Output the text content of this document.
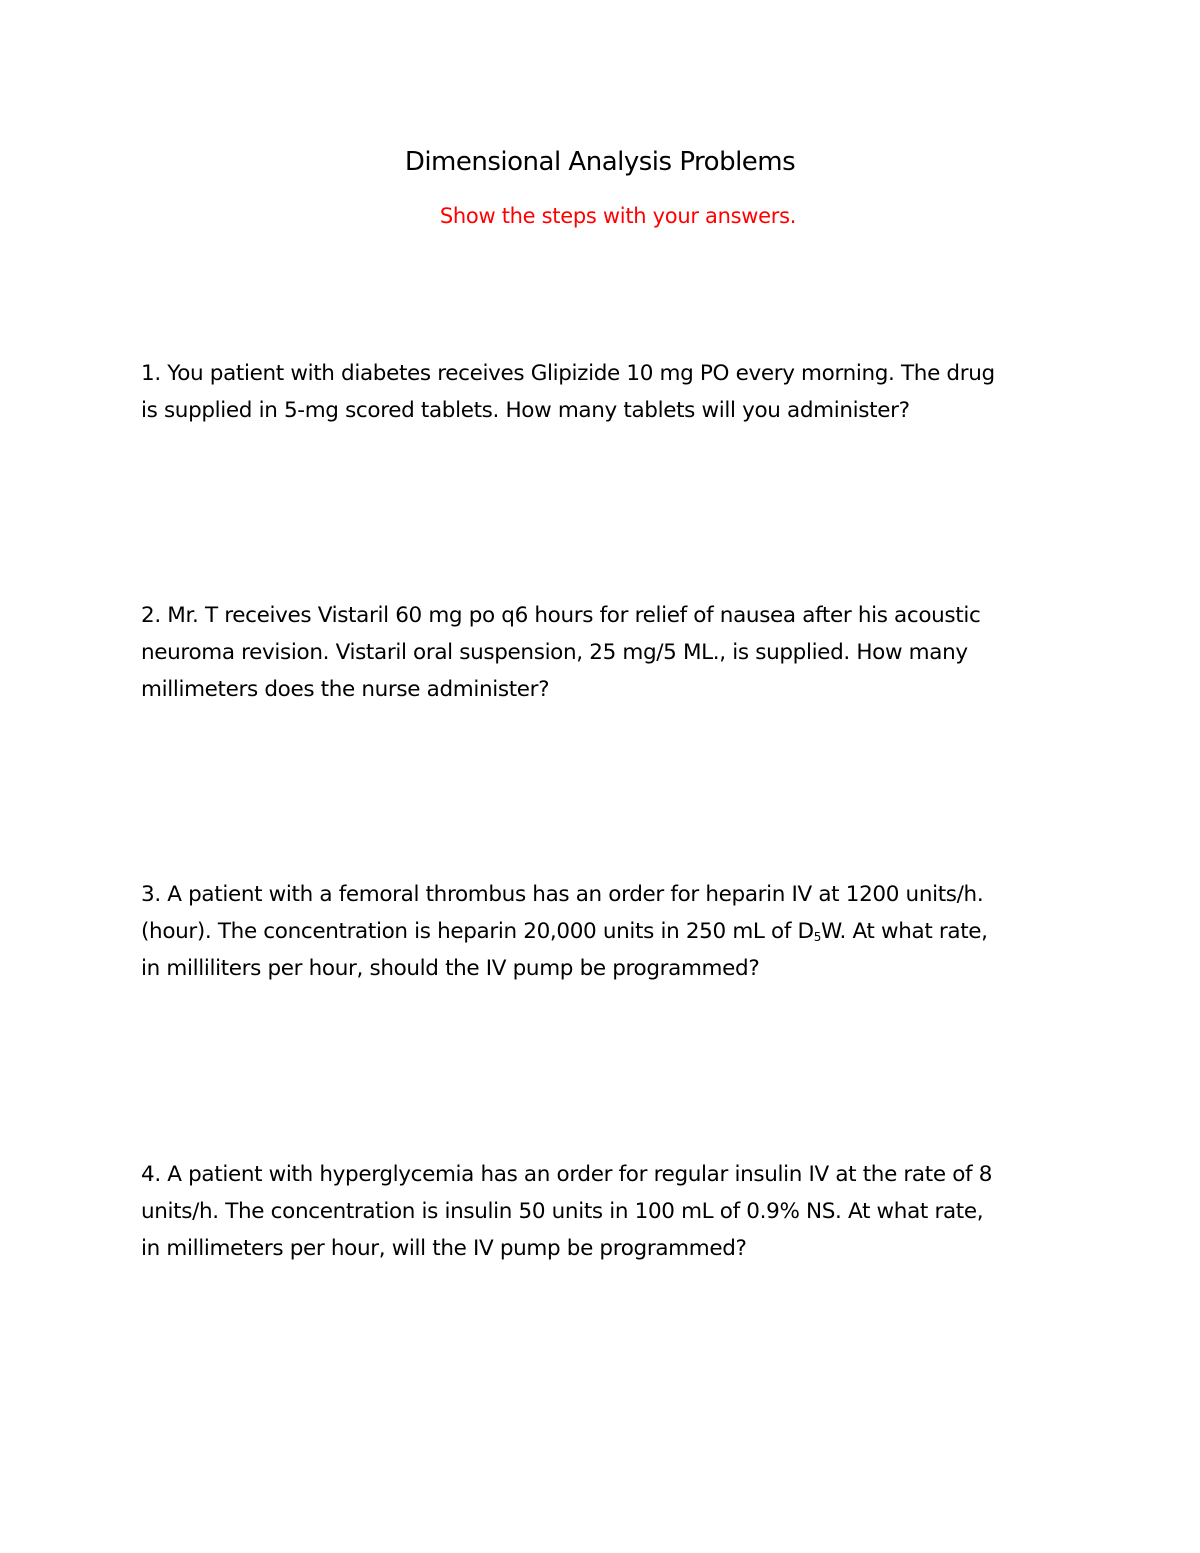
Dimensional Analysis Problems
Show the steps with your answers.

1. You patient with diabetes receives Glipizide 10 mg PO every morning. The drug
is supplied in 5-mg scored tablets. How many tablets will you administer?

2. Mr. T receives Vistaril 60 mg po q6 hours for relief of nausea after his acoustic
neuroma revision. Vistaril oral suspension, 25 mg/5 ML., is supplied. How many
millimeters does the nurse administer?

3. A patient with a femoral thrombus has an order for heparin IV at 1200 units/h.
(hour). The concentration is heparin 20,000 units in 250 mL of $D_5W$. At what rate,
in milliliters per hour, should the IV pump be programmed?

4. A patient with hyperglycemia has an order for regular insulin IV at the rate of 8
units/h. The concentration is insulin 50 units in 100 mL of 0.9% NS. At what rate,
in millimeters per hour, will the IV pump be programmed?
